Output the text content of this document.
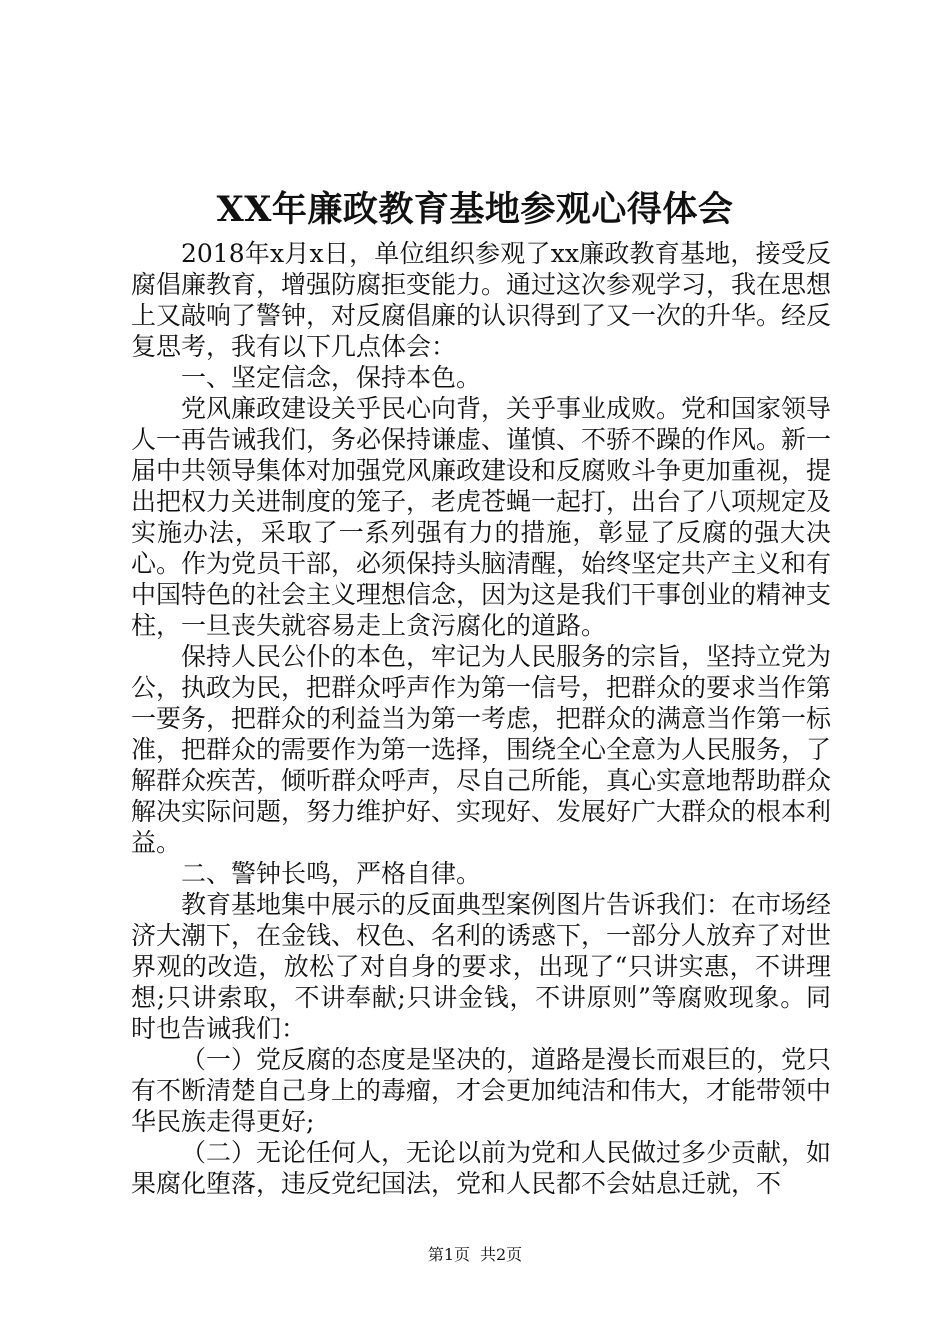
XX年廉政教育基地参观心得体会

2018年x月x日，单位组织参观了xx廉政教育基地，接受反腐倡廉教育，增强防腐拒变能力。通过这次参观学习，我在思想上又敲响了警钟，对反腐倡廉的认识得到了又一次的升华。经反复思考，我有以下几点体会：

一、坚定信念，保持本色。

党风廉政建设关乎民心向背，关乎事业成败。党和国家领导人一再告诫我们，务必保持谦虚、谨慎、不骄不躁的作风。新一届中共领导集体对加强党风廉政建设和反腐败斗争更加重视，提出把权力关进制度的笼子，老虎苍蝇一起打，出台了八项规定及实施办法，采取了一系列强有力的措施，彰显了反腐的强大决心。作为党员干部，必须保持头脑清醒，始终坚定共产主义和有中国特色的社会主义理想信念，因为这是我们干事创业的精神支柱，一旦丧失就容易走上贪污腐化的道路。

保持人民公仆的本色，牢记为人民服务的宗旨，坚持立党为公，执政为民，把群众呼声作为第一信号，把群众的要求当作第一要务，把群众的利益当为第一考虑，把群众的满意当作第一标准，把群众的需要作为第一选择，围绕全心全意为人民服务，了解群众疾苦，倾听群众呼声，尽自己所能，真心实意地帮助群众解决实际问题，努力维护好、实现好、发展好广大群众的根本利益。

二、警钟长鸣，严格自律。

教育基地集中展示的反面典型案例图片告诉我们：在市场经济大潮下，在金钱、权色、名利的诱惑下，一部分人放弃了对世界观的改造，放松了对自身的要求，出现了“只讲实惠，不讲理想;只讲索取，不讲奉献;只讲金钱，不讲原则”等腐败现象。同时也告诫我们：

（一）党反腐的态度是坚决的，道路是漫长而艰巨的，党只有不断清楚自己身上的毒瘤，才会更加纯洁和伟大，才能带领中华民族走得更好;

（二）无论任何人，无论以前为党和人民做过多少贡献，如果腐化堕落，违反党纪国法，党和人民都不会姑息迁就，不

第1页 共2页
